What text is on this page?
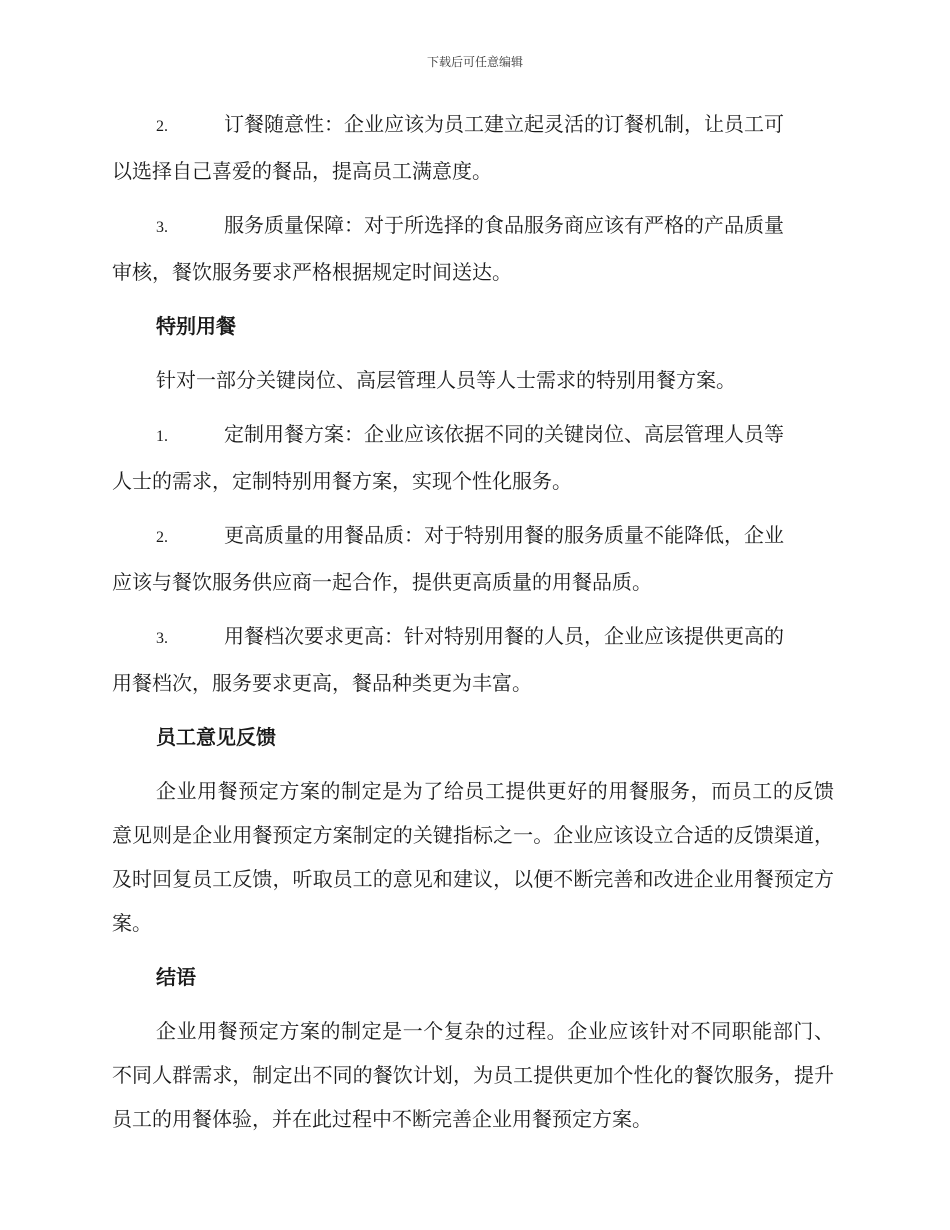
下载后可任意编辑
2.	订餐随意性：企业应该为员工建立起灵活的订餐机制，让员工可
以选择自己喜爱的餐品，提高员工满意度。
3.	服务质量保障：对于所选择的食品服务商应该有严格的产品质量
审核，餐饮服务要求严格根据规定时间送达。
特别用餐

针对一部分关键岗位、高层管理人员等人士需求的特别用餐方案。

1.	定制用餐方案：企业应该依据不同的关键岗位、高层管理人员等
人士的需求，定制特别用餐方案，实现个性化服务。
2.	更高质量的用餐品质：对于特别用餐的服务质量不能降低，企业
应该与餐饮服务供应商一起合作，提供更高质量的用餐品质。
3.	用餐档次要求更高：针对特别用餐的人员，企业应该提供更高的
用餐档次，服务要求更高，餐品种类更为丰富。
员工意见反馈

企业用餐预定方案的制定是为了给员工提供更好的用餐服务，而员工的反馈意见则是企业用餐预定方案制定的关键指标之一。企业应该设立合适的反馈渠道，及时回复员工反馈，听取员工的意见和建议，以便不断完善和改进企业用餐预定方案。

结语

企业用餐预定方案的制定是一个复杂的过程。企业应该针对不同职能部门、不同人群需求，制定出不同的餐饮计划，为员工提供更加个性化的餐饮服务，提升员工的用餐体验，并在此过程中不断完善企业用餐预定方案。
